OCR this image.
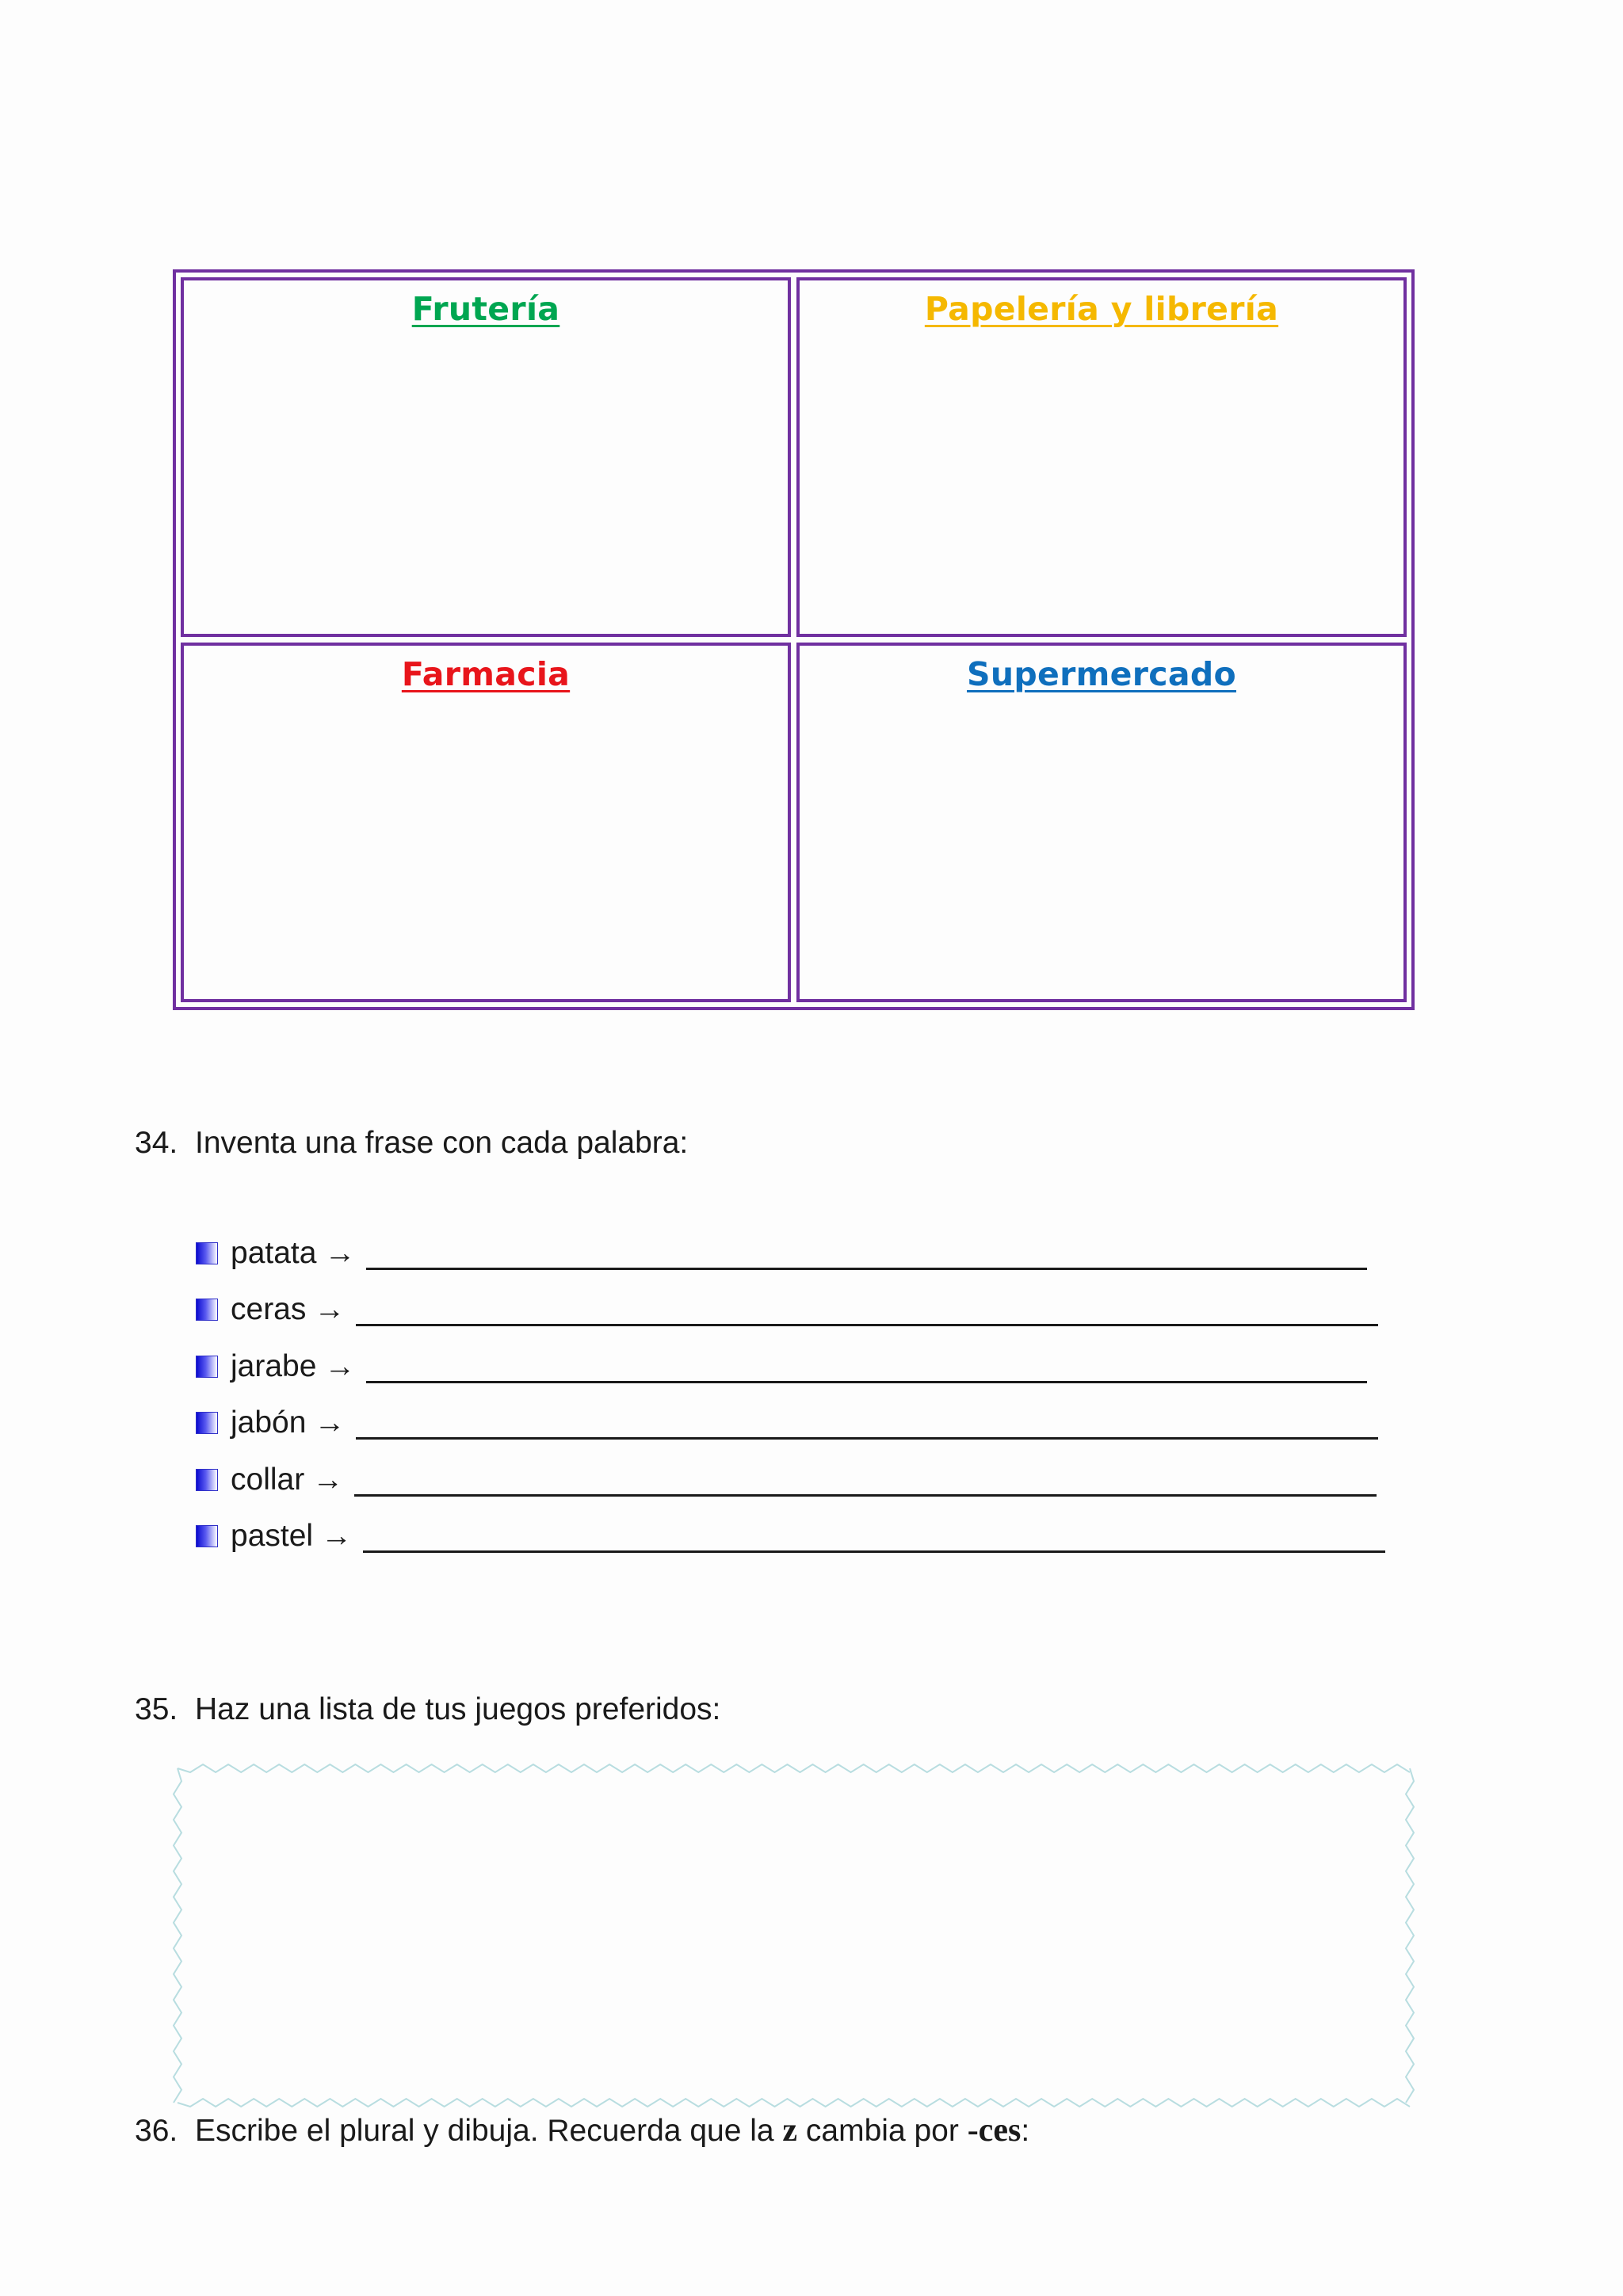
Frutería	Papelería y librería
Farmacia	Supermercado
34. Inventa una frase con cada palabra:
patata →
ceras →
jarabe →
jabón →
collar →
pastel →
35. Haz una lista de tus juegos preferidos:
36. Escribe el plural y dibuja. Recuerda que la z cambia por -ces:
